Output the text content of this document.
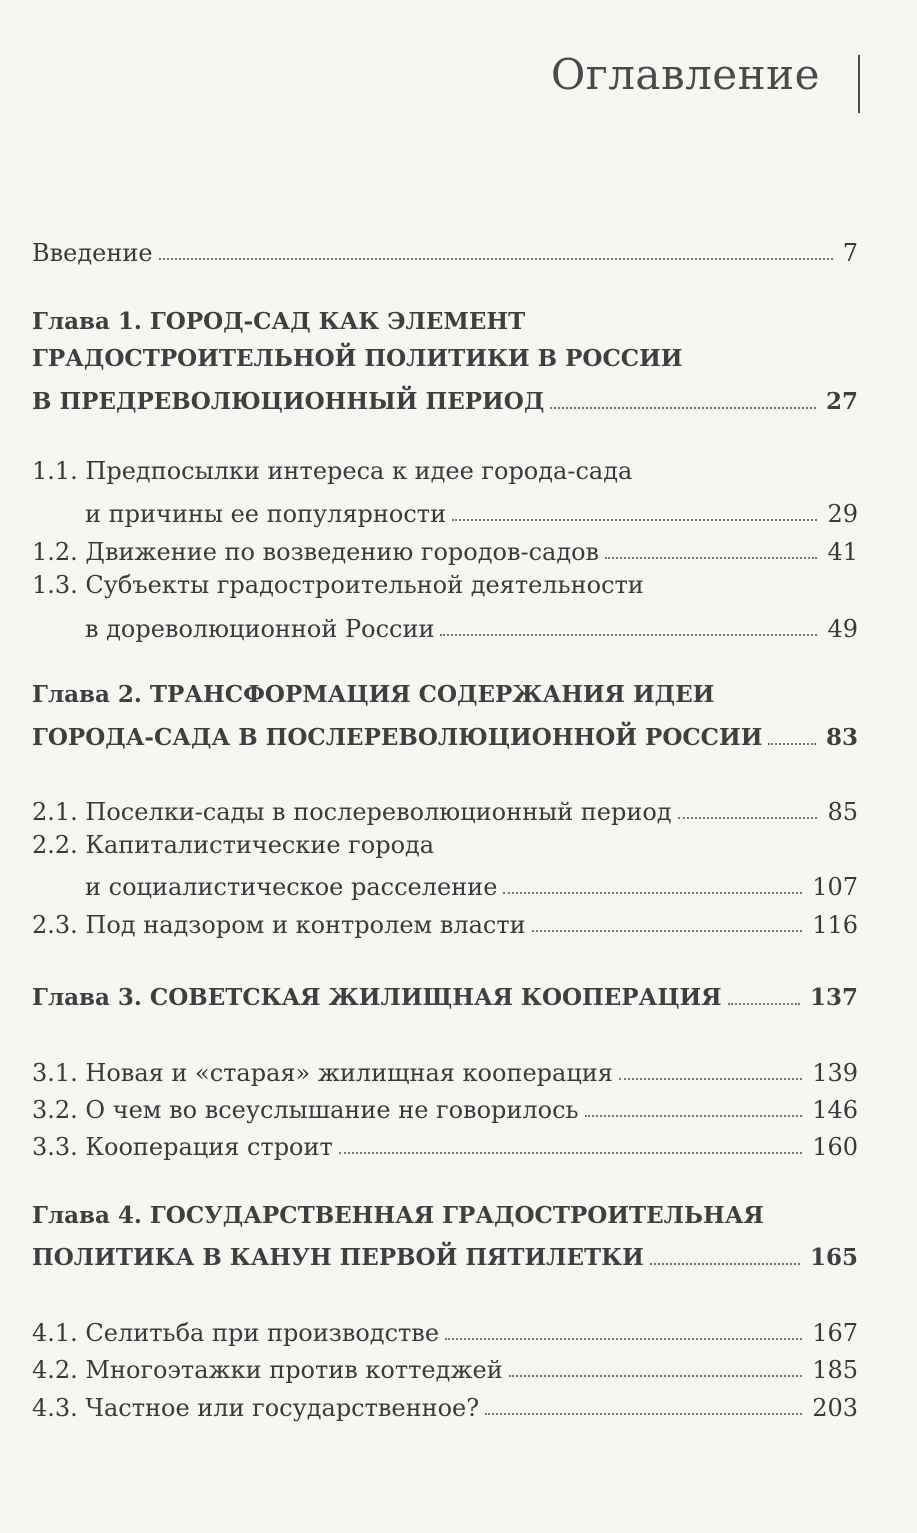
Оглавление
Введение	7
Глава 1. ГОРОД-САД КАК ЭЛЕМЕНТ
ГРАДОСТРОИТЕЛЬНОЙ ПОЛИТИКИ В РОССИИ
В ПРЕДРЕВОЛЮЦИОННЫЙ ПЕРИОД	27
1.1. Предпосылки интереса к идее города-сада
и причины ее популярности	29
1.2. Движение по возведению городов-садов	41
1.3. Субъекты градостроительной деятельности
в дореволюционной России	49
Глава 2. ТРАНСФОРМАЦИЯ СОДЕРЖАНИЯ ИДЕИ
ГОРОДА-САДА В ПОСЛЕРЕВОЛЮЦИОННОЙ РОССИИ	83
2.1. Поселки-сады в послереволюционный период	85
2.2. Капиталистические города
и социалистическое расселение	107
2.3. Под надзором и контролем власти	116
Глава 3. СОВЕТСКАЯ ЖИЛИЩНАЯ КООПЕРАЦИЯ	137
3.1. Новая и «старая» жилищная кооперация	139
3.2. О чем во всеуслышание не говорилось	146
3.3. Кооперация строит	160
Глава 4. ГОСУДАРСТВЕННАЯ ГРАДОСТРОИТЕЛЬНАЯ
ПОЛИТИКА В КАНУН ПЕРВОЙ ПЯТИЛЕТКИ	165
4.1. Селитьба при производстве	167
4.2. Многоэтажки против коттеджей	185
4.3. Частное или государственное?	203
